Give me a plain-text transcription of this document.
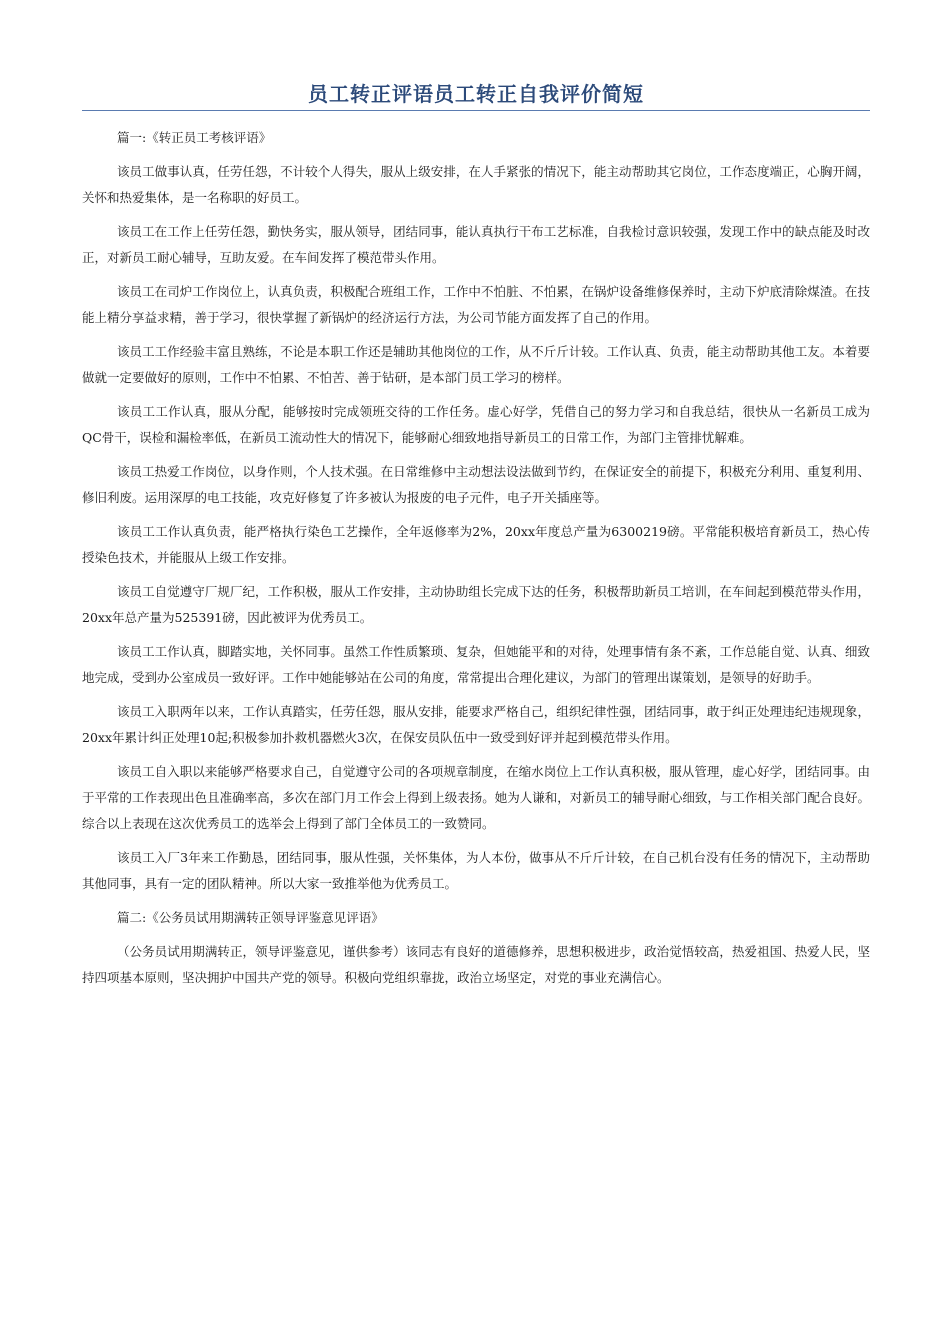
员工转正评语员工转正自我评价简短

篇一:《转正员工考核评语》

该员工做事认真，任劳任怨，不计较个人得失，服从上级安排，在人手紧张的情况下，能主动帮助其它岗位，工作态度端正，心胸开阔，关怀和热爱集体，是一名称职的好员工。

该员工在工作上任劳任怨，勤快务实，服从领导，团结同事，能认真执行干布工艺标准，自我检讨意识较强，发现工作中的缺点能及时改正，对新员工耐心辅导，互助友爱。在车间发挥了模范带头作用。

该员工在司炉工作岗位上，认真负责，积极配合班组工作，工作中不怕脏、不怕累，在锅炉设备维修保养时，主动下炉底清除煤渣。在技能上精分享益求精，善于学习，很快掌握了新锅炉的经济运行方法，为公司节能方面发挥了自己的作用。

该员工工作经验丰富且熟练，不论是本职工作还是辅助其他岗位的工作，从不斤斤计较。工作认真、负责，能主动帮助其他工友。本着要做就一定要做好的原则，工作中不怕累、不怕苦、善于钻研，是本部门员工学习的榜样。

该员工工作认真，服从分配，能够按时完成领班交待的工作任务。虚心好学，凭借自己的努力学习和自我总结，很快从一名新员工成为QC骨干，误检和漏检率低，在新员工流动性大的情况下，能够耐心细致地指导新员工的日常工作，为部门主管排忧解难。

该员工热爱工作岗位，以身作则，个人技术强。在日常维修中主动想法设法做到节约，在保证安全的前提下，积极充分利用、重复利用、修旧利废。运用深厚的电工技能，攻克好修复了许多被认为报废的电子元件，电子开关插座等。

该员工工作认真负责，能严格执行染色工艺操作，全年返修率为2%，20xx年度总产量为6300219磅。平常能积极培育新员工，热心传授染色技术，并能服从上级工作安排。

该员工自觉遵守厂规厂纪，工作积极，服从工作安排，主动协助组长完成下达的任务，积极帮助新员工培训，在车间起到模范带头作用，20xx年总产量为525391磅，因此被评为优秀员工。

该员工工作认真，脚踏实地，关怀同事。虽然工作性质繁琐、复杂，但她能平和的对待，处理事情有条不紊，工作总能自觉、认真、细致地完成，受到办公室成员一致好评。工作中她能够站在公司的角度，常常提出合理化建议，为部门的管理出谋策划，是领导的好助手。

该员工入职两年以来，工作认真踏实，任劳任怨，服从安排，能要求严格自己，组织纪律性强，团结同事，敢于纠正处理违纪违规现象，20xx年累计纠正处理10起;积极参加扑救机器燃火3次，在保安员队伍中一致受到好评并起到模范带头作用。

该员工自入职以来能够严格要求自己，自觉遵守公司的各项规章制度，在缩水岗位上工作认真积极，服从管理，虚心好学，团结同事。由于平常的工作表现出色且准确率高，多次在部门月工作会上得到上级表扬。她为人谦和，对新员工的辅导耐心细致，与工作相关部门配合良好。综合以上表现在这次优秀员工的选举会上得到了部门全体员工的一致赞同。

该员工入厂3年来工作勤恳，团结同事，服从性强，关怀集体，为人本份，做事从不斤斤计较，在自己机台没有任务的情况下，主动帮助其他同事，具有一定的团队精神。所以大家一致推举他为优秀员工。

篇二:《公务员试用期满转正领导评鉴意见评语》

（公务员试用期满转正，领导评鉴意见，谨供参考）该同志有良好的道德修养，思想积极进步，政治觉悟较高，热爱祖国、热爱人民，坚持四项基本原则，坚决拥护中国共产党的领导。积极向党组织靠拢，政治立场坚定，对党的事业充满信心。
